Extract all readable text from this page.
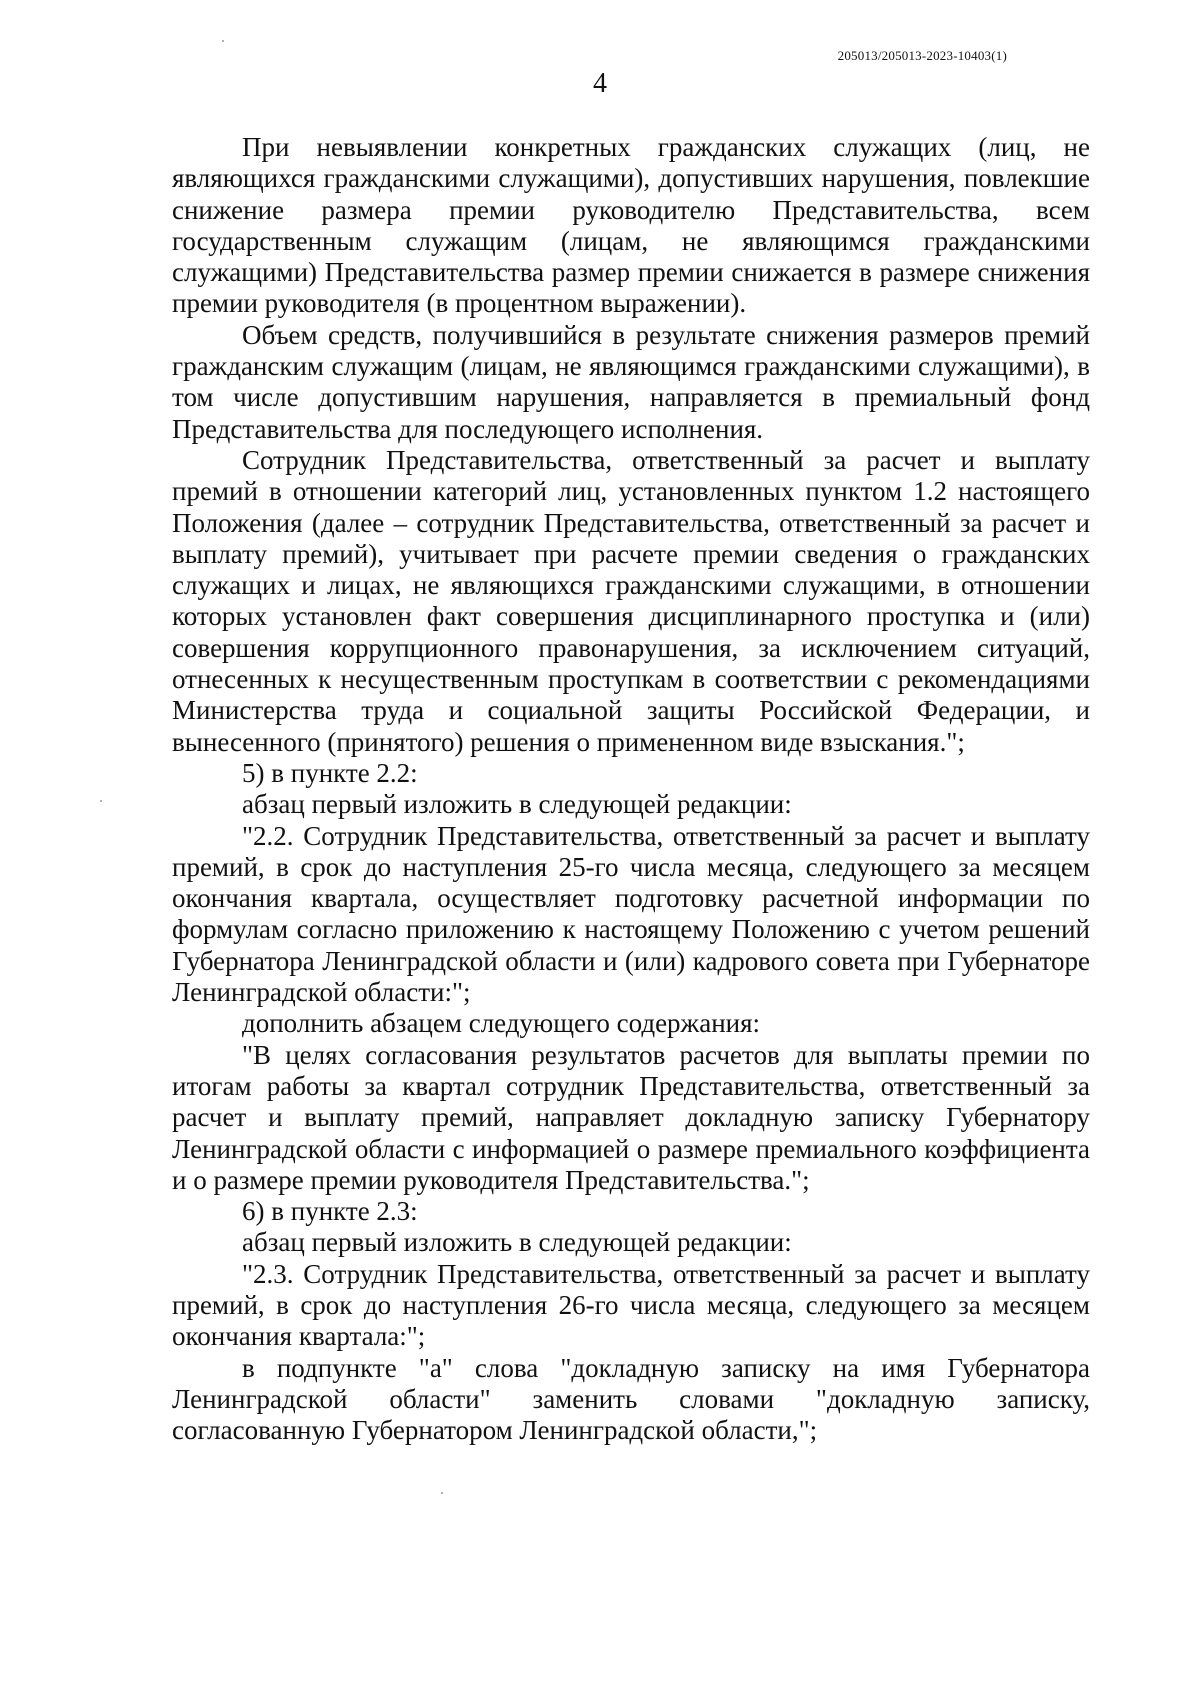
205013/205013-2023-10403(1)
4

При невыявлении конкретных гражданских служащих (лиц, не являющихся гражданскими служащими), допустивших нарушения, повлекшие снижение размера премии руководителю Представительства, всем государственным служащим (лицам, не являющимся гражданскими служащими) Представительства размер премии снижается в размере снижения премии руководителя (в процентном выражении).

Объем средств, получившийся в результате снижения размеров премий гражданским служащим (лицам, не являющимся гражданскими служащими), в том числе допустившим нарушения, направляется в премиальный фонд Представительства для последующего исполнения.

Сотрудник Представительства, ответственный за расчет и выплату премий в отношении категорий лиц, установленных пунктом 1.2 настоящего Положения (далее – сотрудник Представительства, ответственный за расчет и выплату премий), учитывает при расчете премии сведения о гражданских служащих и лицах, не являющихся гражданскими служащими, в отношении которых установлен факт совершения дисциплинарного проступка и (или) совершения коррупционного правонарушения, за исключением ситуаций, отнесенных к несущественным проступкам в соответствии с рекомендациями Министерства труда и социальной защиты Российской Федерации, и вынесенного (принятого) решения о примененном виде взыскания.";

5) в пункте 2.2:

абзац первый изложить в следующей редакции:

"2.2. Сотрудник Представительства, ответственный за расчет и выплату премий, в срок до наступления 25-го числа месяца, следующего за месяцем окончания квартала, осуществляет подготовку расчетной информации по формулам согласно приложению к настоящему Положению с учетом решений Губернатора Ленинградской области и (или) кадрового совета при Губернаторе Ленинградской области:";

дополнить абзацем следующего содержания:

"В целях согласования результатов расчетов для выплаты премии по итогам работы за квартал сотрудник Представительства, ответственный за расчет и выплату премий, направляет докладную записку Губернатору Ленинградской области с информацией о размере премиального коэффициента и о размере премии руководителя Представительства.";

6) в пункте 2.3:

абзац первый изложить в следующей редакции:

"2.3. Сотрудник Представительства, ответственный за расчет и выплату премий, в срок до наступления 26-го числа месяца, следующего за месяцем окончания квартала:";

в подпункте "а" слова "докладную записку на имя Губернатора Ленинградской области" заменить словами "докладную записку, согласованную Губернатором Ленинградской области,";
